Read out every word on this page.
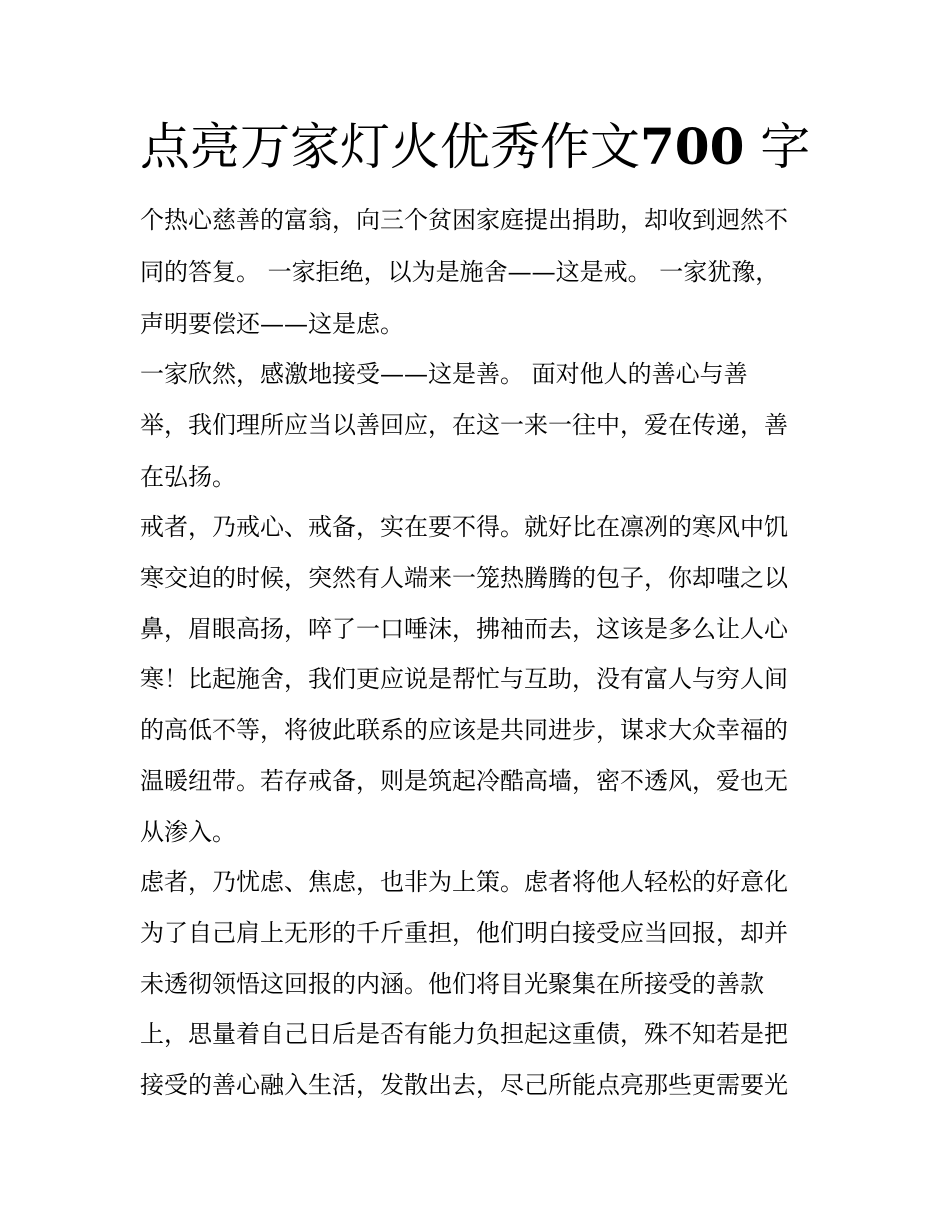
点亮万家灯火优秀作文700 字

个热心慈善的富翁，向三个贫困家庭提出捐助，却收到迥然不

同的答复。 一家拒绝，以为是施舍——这是戒。 一家犹豫，

声明要偿还——这是虑。

一家欣然，感激地接受——这是善。 面对他人的善心与善

举，我们理所应当以善回应，在这一来一往中，爱在传递，善

在弘扬。

戒者，乃戒心、戒备，实在要不得。就好比在凛冽的寒风中饥

寒交迫的时候，突然有人端来一笼热腾腾的包子，你却嗤之以

鼻，眉眼高扬，啐了一口唾沫，拂袖而去，这该是多么让人心

寒！比起施舍，我们更应说是帮忙与互助，没有富人与穷人间

的高低不等，将彼此联系的应该是共同进步，谋求大众幸福的

温暖纽带。若存戒备，则是筑起冷酷高墙，密不透风，爱也无

从渗入。

虑者，乃忧虑、焦虑，也非为上策。虑者将他人轻松的好意化

为了自己肩上无形的千斤重担，他们明白接受应当回报，却并

未透彻领悟这回报的内涵。他们将目光聚集在所接受的善款

上，思量着自己日后是否有能力负担起这重债，殊不知若是把

接受的善心融入生活，发散出去，尽己所能点亮那些更需要光
